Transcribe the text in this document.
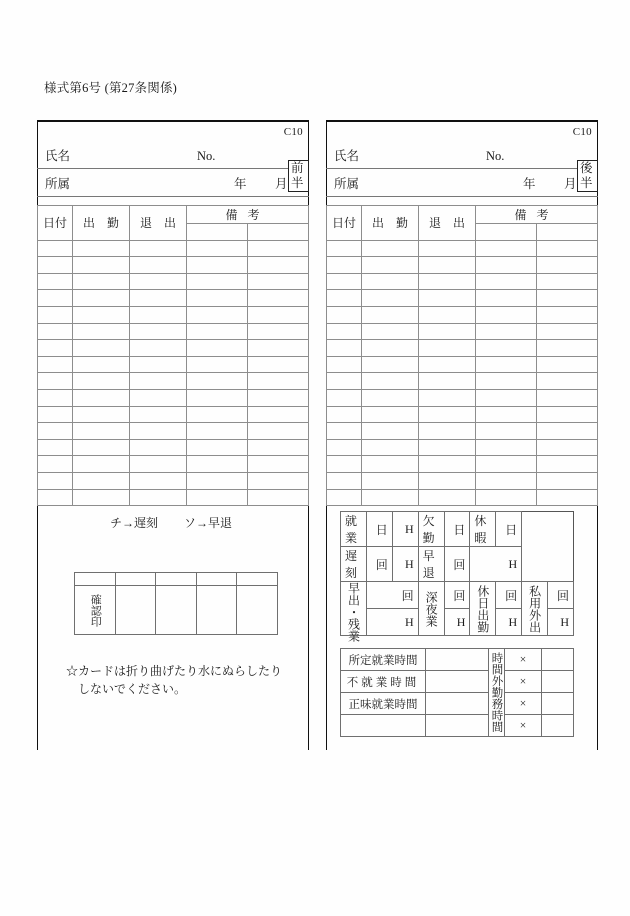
様式第6号 (第27条関係)
C10
氏名	No.
所属	年 月
前半
日付	出　勤	退　出	備考	

C10
氏名	No.
所属	年 月
後半
日付	出　勤	退　出	備考	

チ→遅刻 ソ→早退

確認印				
☆カードは折り曲げたり水にぬらしたり
しないでください。
就業	日	H	欠勤	日	休暇	日		
遅刻	回	H	早退	回	H			
早出・残業	回		深夜業	回	休日出勤	回	私用外出	回
	H			H		H		H
所定就業時間		時間外勤務時間	×	
不就業時間			×	
正味就業時間			×	
			×	
